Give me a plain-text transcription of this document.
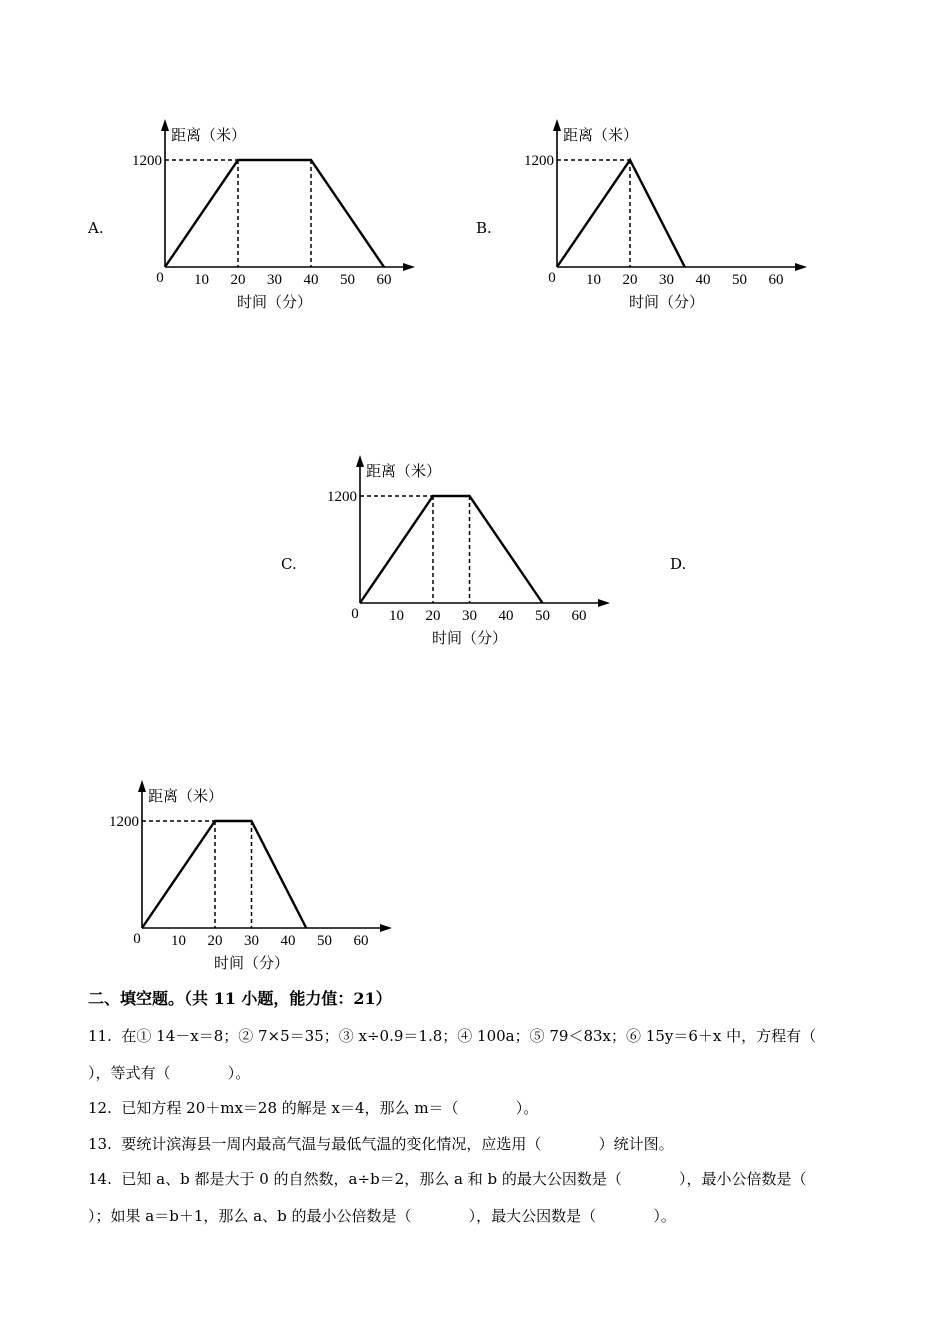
A.	B.
C.	D.
距离（米）
1200
0 10 20 30 40 50 60
时间（分）
距离（米）
1200
0 10 20 30 40 50 60
时间（分）
距离（米）
1200
0 10 20 30 40 50 60
时间（分）
距离（米）
1200
0 10 20 30 40 50 60
时间（分）
二、填空题。（共 11 小题，能力值：21）
11.  在① 14－x＝8；② 7×5＝35；③ x÷0.9＝1.8；④ 100a；⑤ 79＜83x；⑥ 15y＝6＋x 中，方程有（
），等式有（            ）。
12.  已知方程 20＋mx＝28 的解是 x＝4，那么 m＝（            ）。
13.  要统计滨海县一周内最高气温与最低气温的变化情况，应选用（            ）统计图。
14.  已知 a、b 都是大于 0 的自然数，a÷b＝2，那么 a 和 b 的最大公因数是（            ），最小公倍数是（
）；如果 a＝b＋1，那么 a、b 的最小公倍数是（            ），最大公因数是（            ）。
